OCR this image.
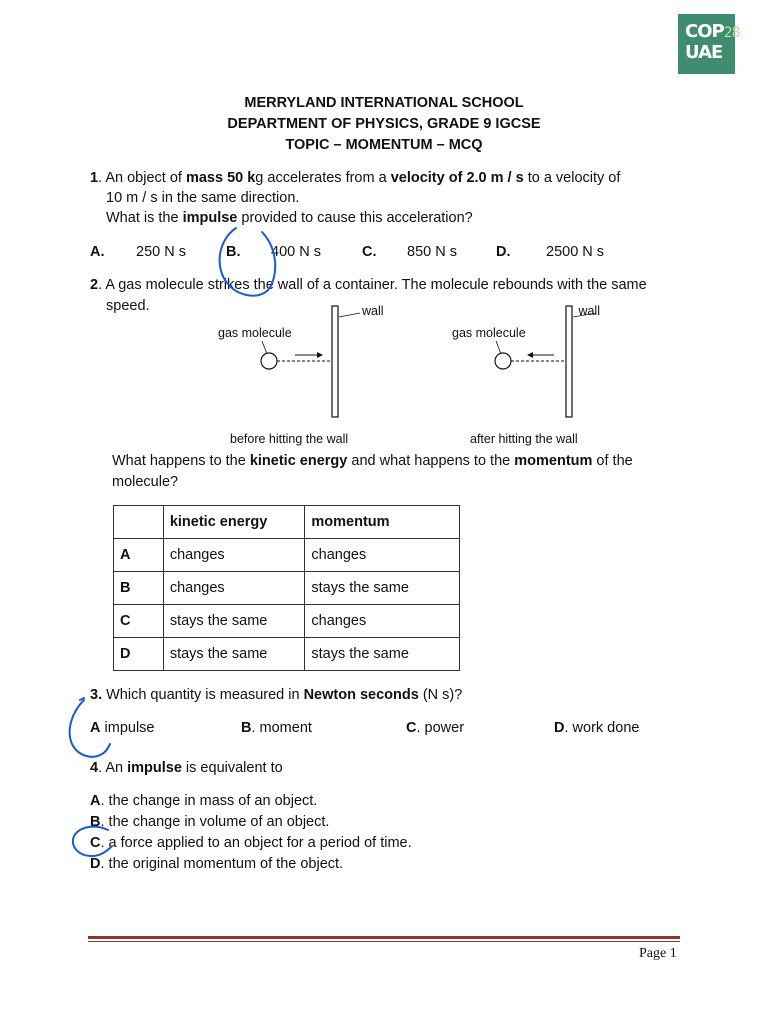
COP28
UAE
MERRYLAND INTERNATIONAL SCHOOL
DEPARTMENT OF PHYSICS, GRADE 9 IGCSE
TOPIC – MOMENTUM – MCQ
1. An object of mass 50 kg accelerates from a velocity of 2.0 m / s to a velocity of
10 m / s in the same direction.
What is the impulse provided to cause this acceleration?
A. 250 N s	B. 400 N s	C. 850 N s	D. 2500 N s
2. A gas molecule strikes the wall of a container. The molecule rebounds with the same
speed.	wall
gas molecule
before hitting the wall
wall
gas molecule
after hitting the wall
What happens to the kinetic energy and what happens to the momentum of the
molecule?
	kinetic energy	momentum
A	changes	changes
B	changes	stays the same
C	stays the same	changes
D	stays the same	stays the same
3. Which quantity is measured in Newton seconds (N s)?
A impulse	B. moment	C. power	D. work done
4. An impulse is equivalent to
A. the change in mass of an object.
B. the change in volume of an object.
C. a force applied to an object for a period of time.
D. the original momentum of the object.
Page 1
